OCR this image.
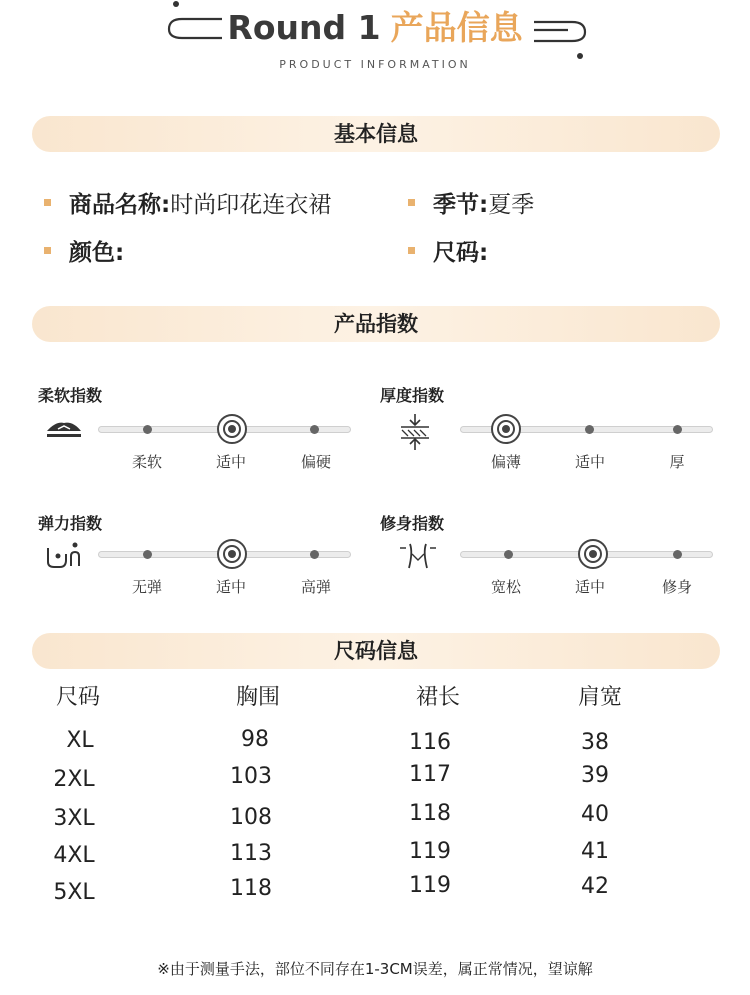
Round 1 产品信息
PRODUCT INFORMATION
基本信息
商品名称:时尚印花连衣裙	季节:夏季
颜色:	尺码:
产品指数
柔软指数
柔软	适中	偏硬
厚度指数
偏薄	适中	厚
弹力指数
无弹	适中	高弹
修身指数
宽松	适中	修身
尺码信息
尺码	胸围	裙长	肩宽
XL	98	116	38
2XL	103	117	39
3XL	108	118	40
4XL	113	119	41
5XL	118	119	42
※由于测量手法，部位不同存在1-3CM误差，属正常情况，望谅解
